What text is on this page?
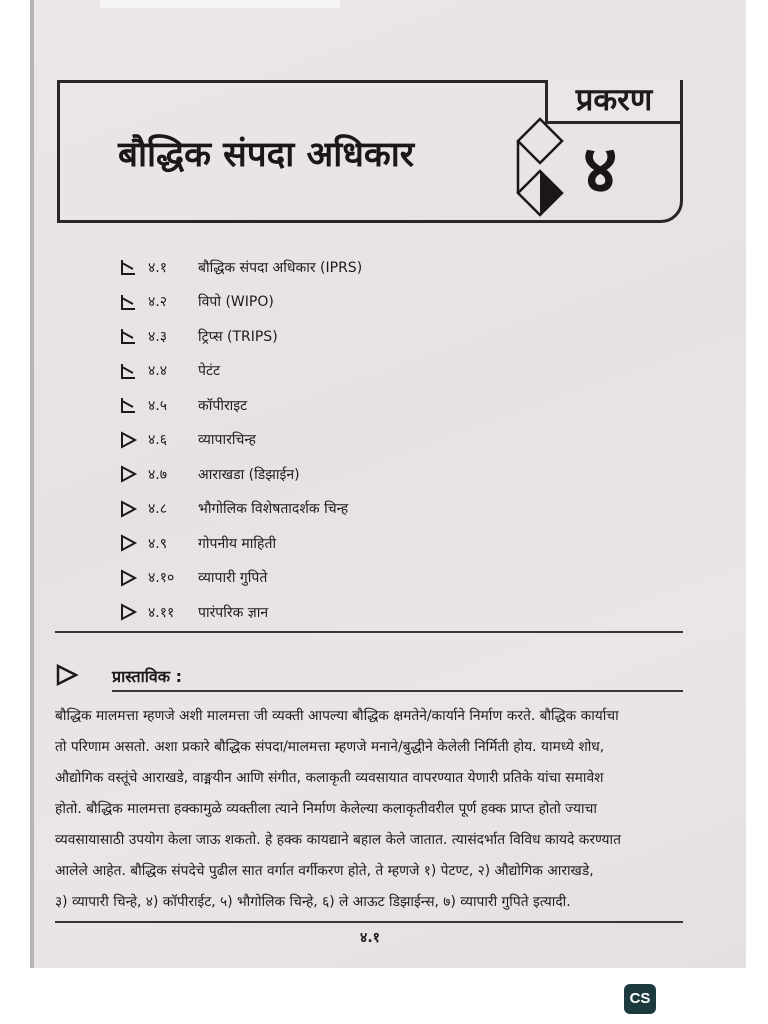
बौद्धिक संपदा अधिकार
प्रकरण
४
४.१	बौद्धिक संपदा अधिकार (IPRS)
४.२	विपो (WIPO)
४.३	ट्रिप्स (TRIPS)
४.४	पेटंट
४.५	कॉपीराइट
४.६	व्यापारचिन्ह
४.७	आराखडा (डिझाईन)
४.८	भौगोलिक विशेषतादर्शक चिन्ह
४.९	गोपनीय माहिती
४.१०	व्यापारी गुपिते
४.११	पारंपरिक ज्ञान
प्रास्ताविक :
बौद्धिक मालमत्ता म्हणजे अशी मालमत्ता जी व्यक्ती आपल्या बौद्धिक क्षमतेने/कार्याने निर्माण करते. बौद्धिक कार्याचा
तो परिणाम असतो. अशा प्रकारे बौद्धिक संपदा/मालमत्ता म्हणजे मनाने/बुद्धीने केलेली निर्मिती होय. यामध्ये शोध,
औद्योगिक वस्तूंचे आराखडे, वाङ्मयीन आणि संगीत, कलाकृती व्यवसायात वापरण्यात येणारी प्रतिके यांचा समावेश
होतो. बौद्धिक मालमत्ता हक्कामुळे व्यक्तीला त्याने निर्माण केलेल्या कलाकृतीवरील पूर्ण हक्क प्राप्त होतो ज्याचा
व्यवसायासाठी उपयोग केला जाऊ शकतो. हे हक्क कायद्याने बहाल केले जातात. त्यासंदर्भात विविध कायदे करण्यात
आलेले आहेत. बौद्धिक संपदेचे पुढील सात वर्गात वर्गीकरण होते, ते म्हणजे १) पेटण्ट, २) औद्योगिक आराखडे,
३) व्यापारी चिन्हे, ४) कॉपीराईट, ५) भौगोलिक चिन्हे, ६) ले आऊट डिझाईन्स, ७) व्यापारी गुपिते इत्यादी.
४.१
CS
